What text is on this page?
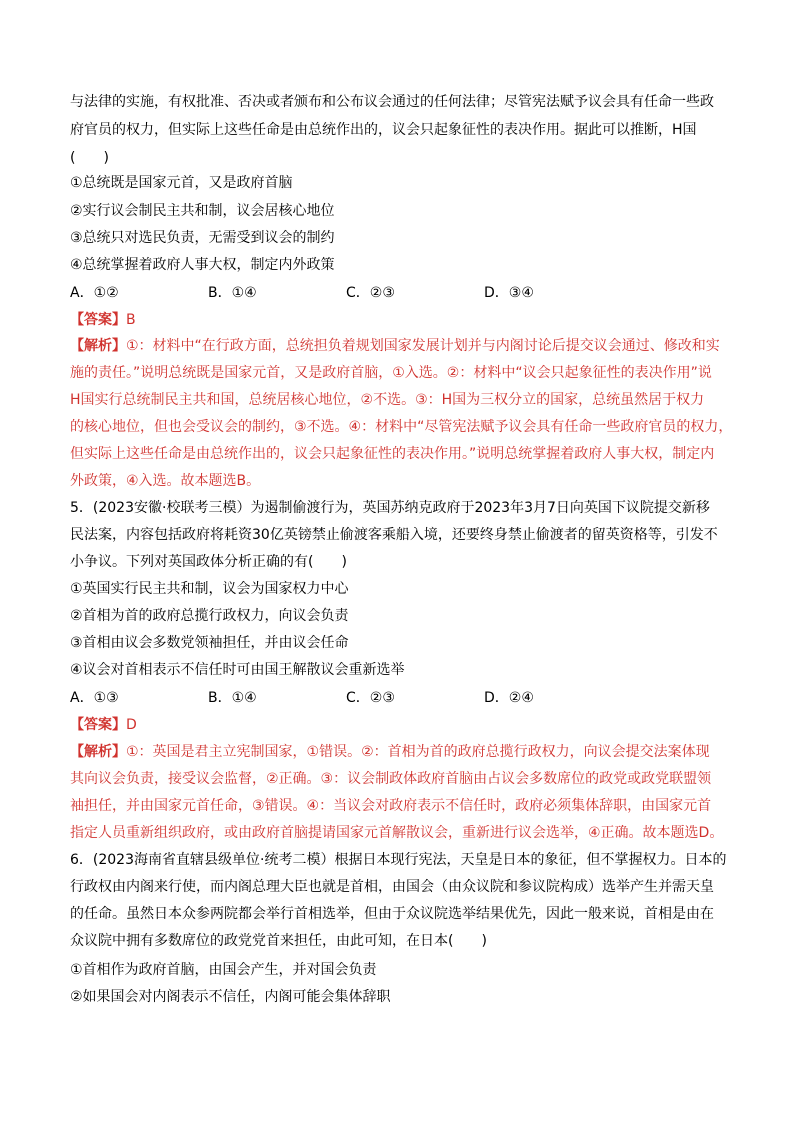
与法律的实施，有权批准、否决或者颁布和公布议会通过的任何法律；尽管宪法赋予议会具有任命一些政
府官员的权力，但实际上这些任命是由总统作出的，议会只起象征性的表决作用。据此可以推断，H国
(　　)
①总统既是国家元首，又是政府首脑
②实行议会制民主共和制，议会居核心地位
③总统只对选民负责，无需受到议会的制约
④总统掌握着政府人事大权，制定内外政策
A．①②	B．①④	C．②③	D．③④
【答案】B
【解析】①：材料中“在行政方面，总统担负着规划国家发展计划并与内阁讨论后提交议会通过、修改和实
施的责任。”说明总统既是国家元首，又是政府首脑，①入选。②：材料中“议会只起象征性的表决作用”说
H国实行总统制民主共和国，总统居核心地位，②不选。③：H国为三权分立的国家，总统虽然居于权力
的核心地位，但也会受议会的制约，③不选。④：材料中“尽管宪法赋予议会具有任命一些政府官员的权力，
但实际上这些任命是由总统作出的，议会只起象征性的表决作用。”说明总统掌握着政府人事大权，制定内
外政策，④入选。故本题选B。
5．(2023安徽·校联考三模）为遏制偷渡行为，英国苏纳克政府于2023年3月7日向英国下议院提交新移
民法案，内容包括政府将耗资30亿英镑禁止偷渡客乘船入境，还要终身禁止偷渡者的留英资格等，引发不
小争议。下列对英国政体分析正确的有(　　)
①英国实行民主共和制，议会为国家权力中心
②首相为首的政府总揽行政权力，向议会负责
③首相由议会多数党领袖担任，并由议会任命
④议会对首相表示不信任时可由国王解散议会重新选举
A．①③	B．①④	C．②③	D．②④
【答案】D
【解析】①：英国是君主立宪制国家，①错误。②：首相为首的政府总揽行政权力，向议会提交法案体现
其向议会负责，接受议会监督，②正确。③：议会制政体政府首脑由占议会多数席位的政党或政党联盟领
袖担任，并由国家元首任命，③错误。④：当议会对政府表示不信任时，政府必须集体辞职，由国家元首
指定人员重新组织政府，或由政府首脑提请国家元首解散议会，重新进行议会选举，④正确。故本题选D。
6．(2023海南省直辖县级单位·统考二模）根据日本现行宪法，天皇是日本的象征，但不掌握权力。日本的
行政权由内阁来行使，而内阁总理大臣也就是首相，由国会（由众议院和参议院构成）选举产生并需天皇
的任命。虽然日本众参两院都会举行首相选举，但由于众议院选举结果优先，因此一般来说，首相是由在
众议院中拥有多数席位的政党党首来担任，由此可知，在日本(　　)
①首相作为政府首脑，由国会产生，并对国会负责
②如果国会对内阁表示不信任，内阁可能会集体辞职
